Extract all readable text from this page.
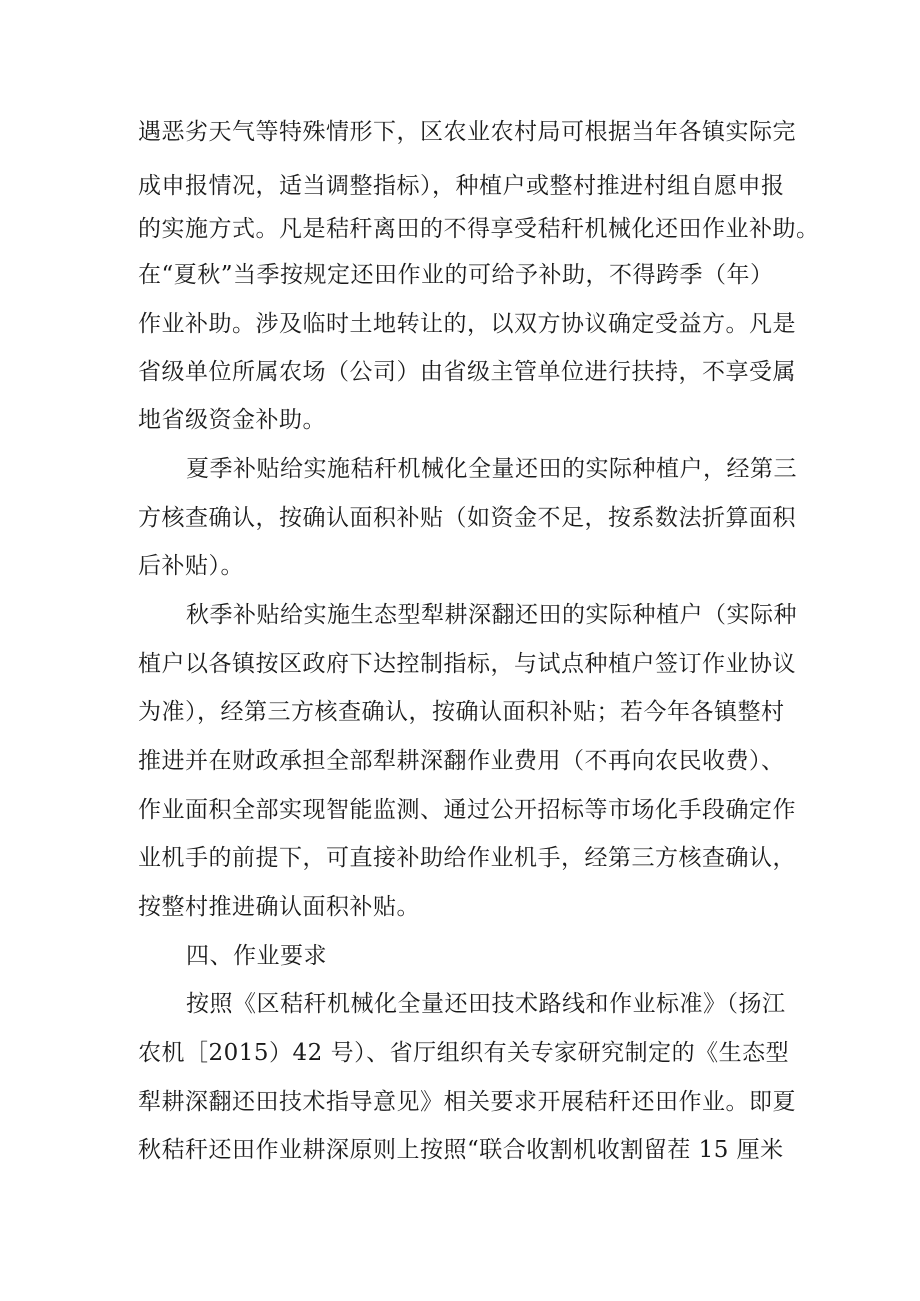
遇恶劣天气等特殊情形下，区农业农村局可根据当年各镇实际完
成申报情况，适当调整指标），种植户或整村推进村组自愿申报
的实施方式。凡是秸秆离田的不得享受秸秆机械化还田作业补助。
在“夏秋”当季按规定还田作业的可给予补助，不得跨季（年）
作业补助。涉及临时土地转让的，以双方协议确定受益方。凡是
省级单位所属农场（公司）由省级主管单位进行扶持，不享受属
地省级资金补助。
夏季补贴给实施秸秆机械化全量还田的实际种植户，经第三
方核查确认，按确认面积补贴（如资金不足，按系数法折算面积
后补贴）。
秋季补贴给实施生态型犁耕深翻还田的实际种植户（实际种
植户以各镇按区政府下达控制指标，与试点种植户签订作业协议
为准），经第三方核查确认，按确认面积补贴；若今年各镇整村
推进并在财政承担全部犁耕深翻作业费用（不再向农民收费）、
作业面积全部实现智能监测、通过公开招标等市场化手段确定作
业机手的前提下，可直接补助给作业机手，经第三方核查确认，
按整村推进确认面积补贴。
四、作业要求
按照《区秸秆机械化全量还田技术路线和作业标准》（扬江
农机［2015）42 号）、省厅组织有关专家研究制定的《生态型
犁耕深翻还田技术指导意见》相关要求开展秸秆还田作业。即夏
秋秸秆还田作业耕深原则上按照“联合收割机收割留茬 15 厘米
